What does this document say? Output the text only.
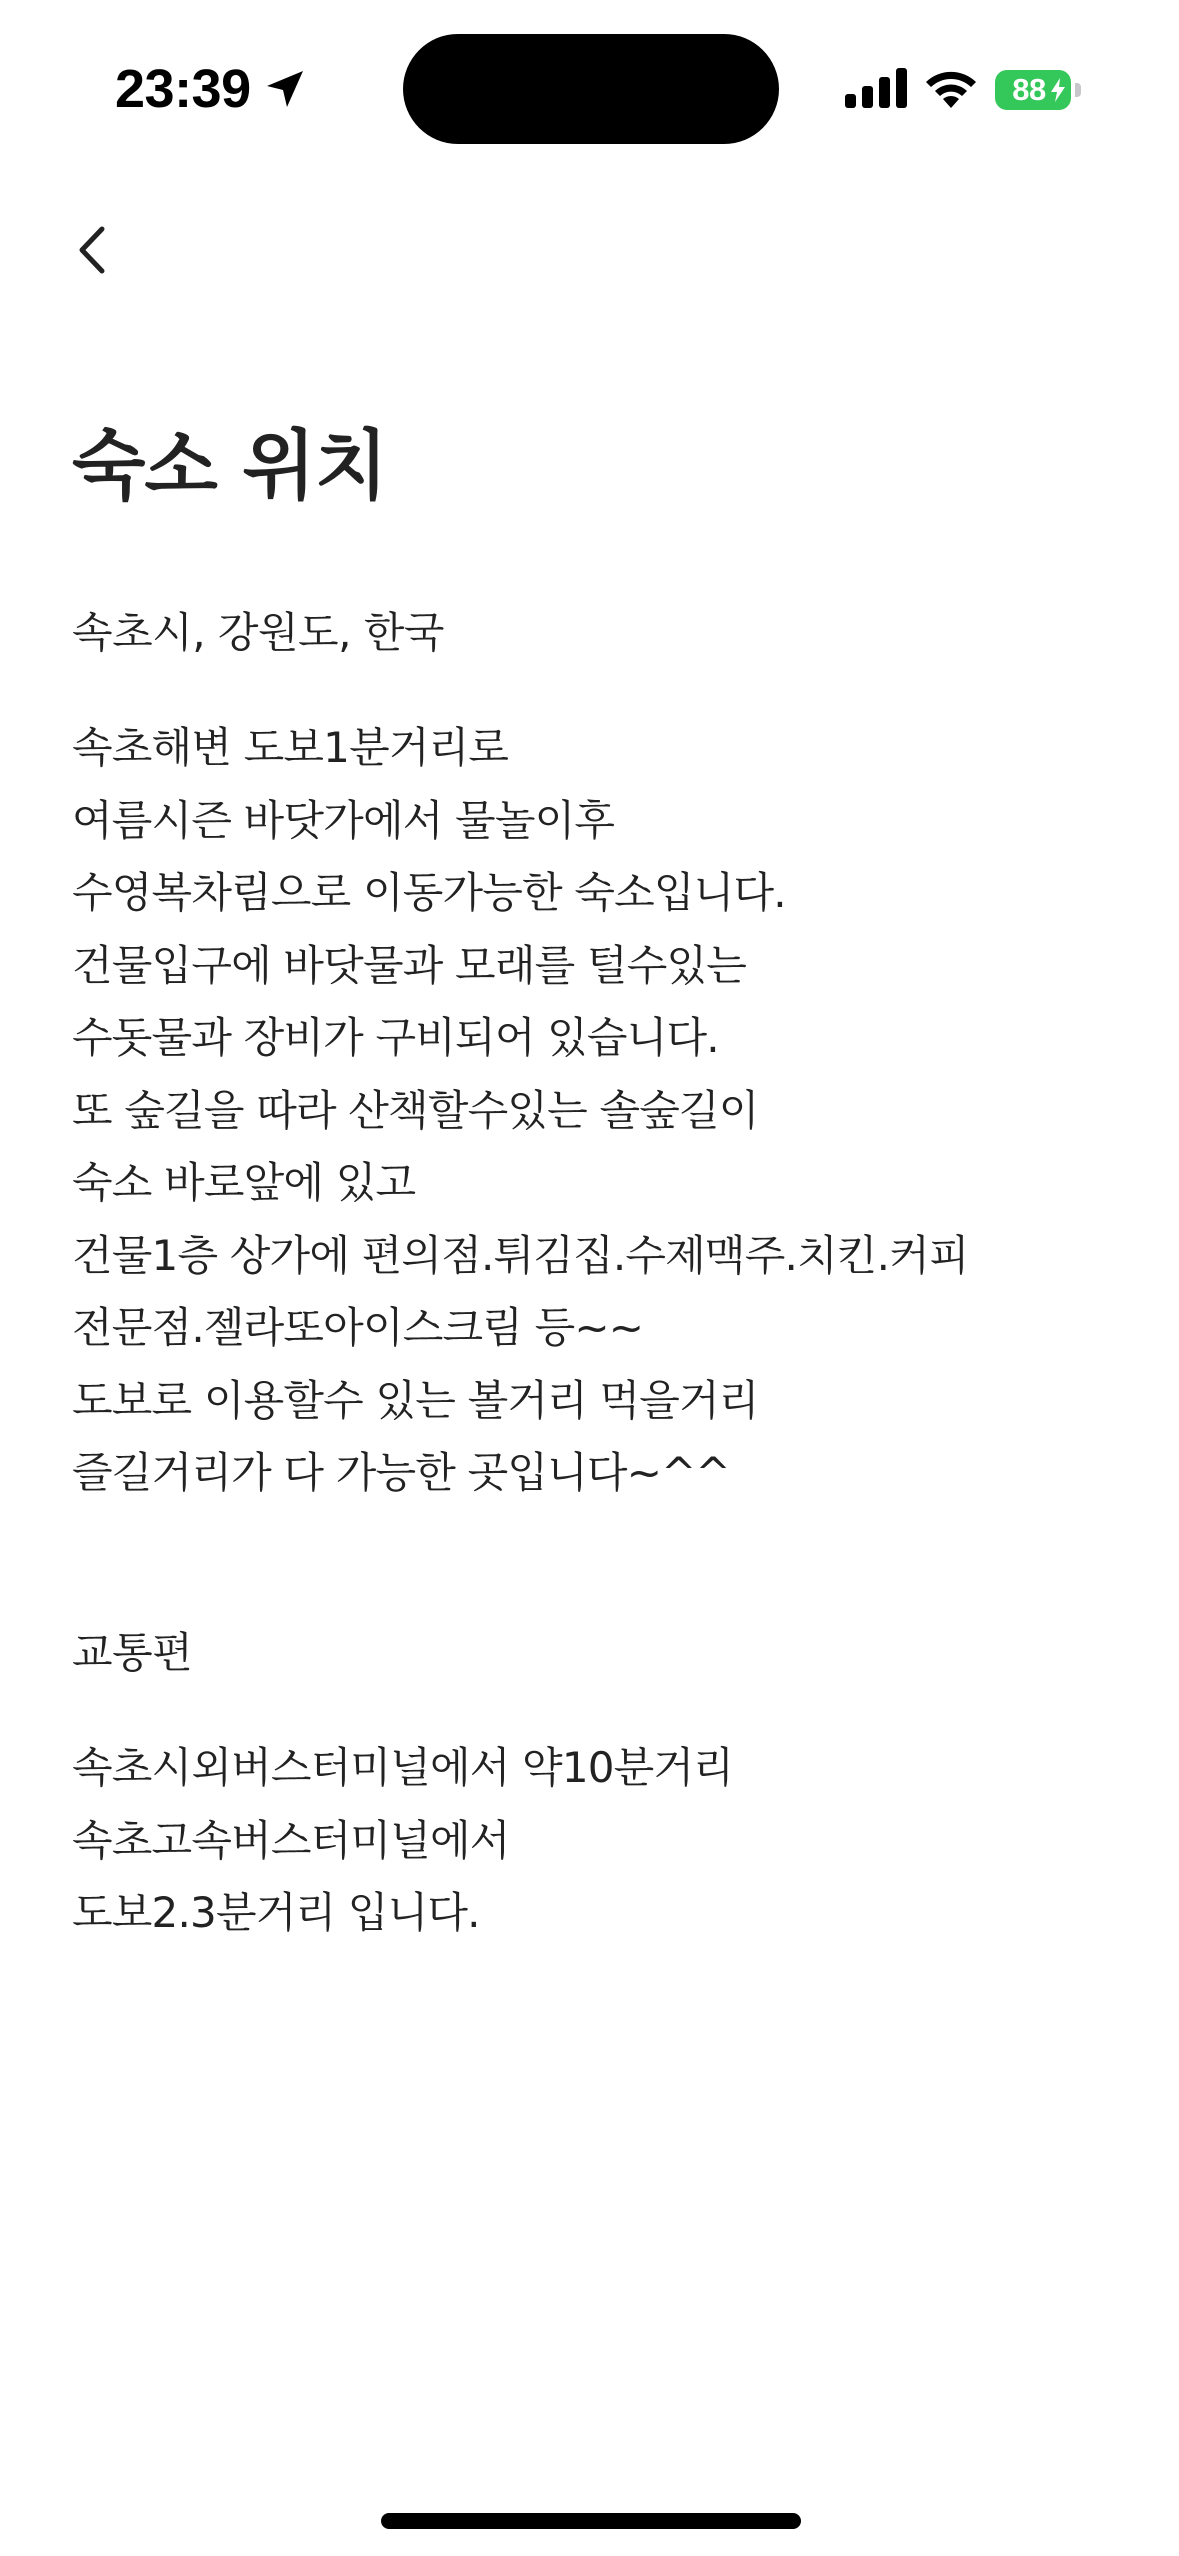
23:39	88
숙소 위치
속초시, 강원도, 한국
속초해변 도보1분거리로
여름시즌 바닷가에서 물놀이후
수영복차림으로 이동가능한 숙소입니다.
건물입구에 바닷물과 모래를 털수있는
수돗물과 장비가 구비되어 있습니다.
또 숲길을 따라 산책할수있는 솔숲길이
숙소 바로앞에 있고
건물1층 상가에 편의점.튀김집.수제맥주.치킨.커피
전문점.젤라또아이스크림 등~~
도보로 이용할수 있는 볼거리 먹을거리
즐길거리가 다 가능한 곳입니다~^^
교통편
속초시외버스터미널에서 약10분거리
속초고속버스터미널에서
도보2.3분거리 입니다.
